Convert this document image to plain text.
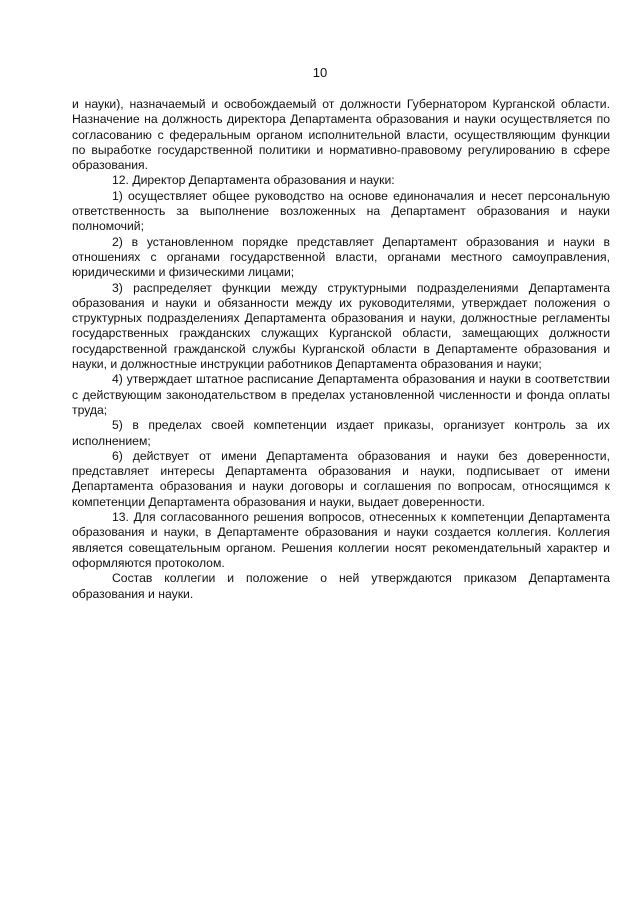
10

и науки), назначаемый и освобождаемый от должности Губернатором Курганской области. Назначение на должность директора Департамента образования и науки осуществляется по согласованию с федеральным органом исполнительной власти, осуществляющим функции по выработке государственной политики и нормативно-правовому регулированию в сфере образования.

12. Директор Департамента образования и науки:

1) осуществляет общее руководство на основе единоначалия и несет персональную ответственность за выполнение возложенных на Департамент образования и науки полномочий;

2) в установленном порядке представляет Департамент образования и науки в отношениях с органами государственной власти, органами местного самоуправления, юридическими и физическими лицами;

3) распределяет функции между структурными подразделениями Департамента образования и науки и обязанности между их руководителями, утверждает положения о структурных подразделениях Департамента образования и науки, должностные регламенты государственных гражданских служащих Курганской области, замещающих должности государственной гражданской службы Курганской области в Департаменте образования и науки, и должностные инструкции работников Департамента образования и науки;

4) утверждает штатное расписание Департамента образования и науки в соответствии с действующим законодательством в пределах установленной численности и фонда оплаты труда;

5) в пределах своей компетенции издает приказы, организует контроль за их исполнением;

6) действует от имени Департамента образования и науки без доверенности, представляет интересы Департамента образования и науки, подписывает от имени Департамента образования и науки договоры и соглашения по вопросам, относящимся к компетенции Департамента образования и науки, выдает доверенности.

13. Для согласованного решения вопросов, отнесенных к компетенции Департамента образования и науки, в Департаменте образования и науки создается коллегия. Коллегия является совещательным органом. Решения коллегии носят рекомендательный характер и оформляются протоколом.

Состав коллегии и положение о ней утверждаются приказом Департамента образования и науки.
